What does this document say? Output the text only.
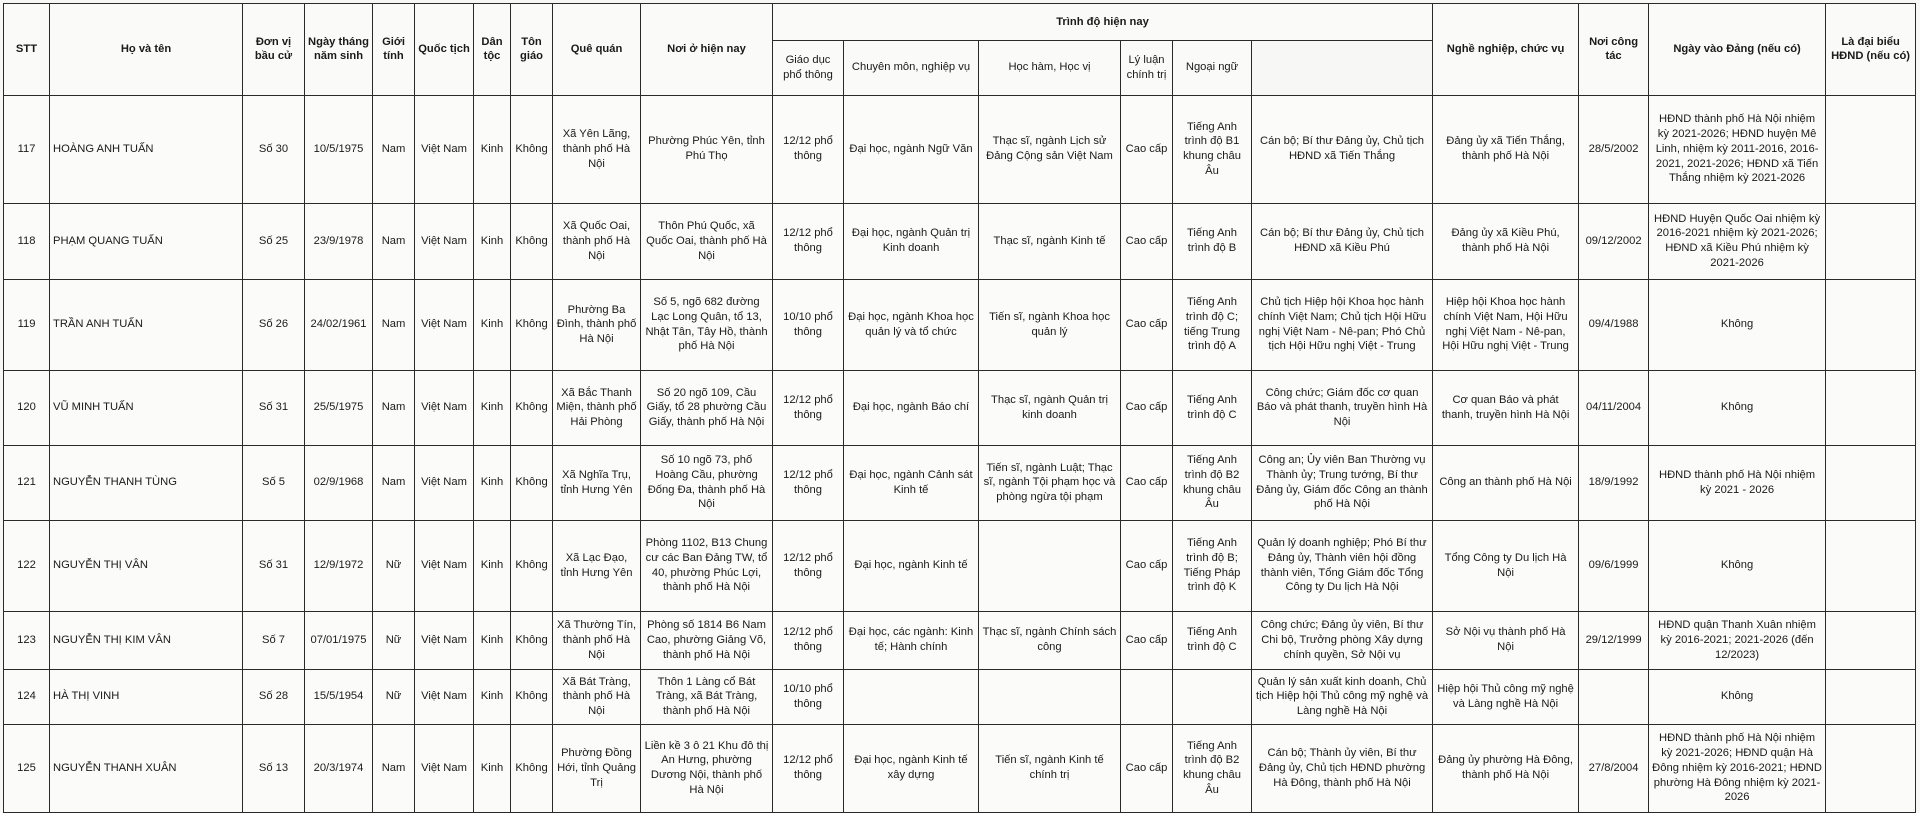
STT	Họ và tên	Đơn vị bầu cử	Ngày tháng năm sinh	Giới tính	Quốc tịch	Dân tộc	Tôn giáo	Quê quán	Nơi ở hiện nay	Trình độ hiện nay						Nghề nghiệp, chức vụ	Nơi công tác	Ngày vào Đảng (nếu có)	Là đại biểu HĐND (nếu có)	
										Giáo dục phổ thông	Chuyên môn, nghiệp vụ	Học hàm, Học vị	Lý luận chính trị	Ngoại ngữ						
117	HOÀNG ANH TUẤN	Số 30	10/5/1975	Nam	Việt Nam	Kinh	Không	Xã Yên Lãng, thành phố Hà Nội	Phường Phúc Yên, tỉnh Phú Thọ	12/12 phổ thông	Đại học, ngành Ngữ Văn	Thạc sĩ, ngành Lịch sử Đảng Cộng sản Việt Nam	Cao cấp	Tiếng Anh trình độ B1 khung châu Âu	Cán bộ; Bí thư Đảng ủy, Chủ tịch HĐND xã Tiến Thắng	Đảng ủy xã Tiến Thắng, thành phố Hà Nội	28/5/2002	HĐND thành phố Hà Nội nhiệm kỳ 2021-2026; HĐND huyện Mê Linh, nhiệm kỳ 2011-2016, 2016-2021, 2021-2026; HĐND xã Tiến Thắng nhiệm kỳ 2021-2026		
118	PHẠM QUANG TUẤN	Số 25	23/9/1978	Nam	Việt Nam	Kinh	Không	Xã Quốc Oai, thành phố Hà Nội	Thôn Phú Quốc, xã Quốc Oai, thành phố Hà Nội	12/12 phổ thông	Đại học, ngành Quản trị Kinh doanh	Thạc sĩ, ngành Kinh tế	Cao cấp	Tiếng Anh trình độ B	Cán bộ; Bí thư Đảng ủy, Chủ tịch HĐND xã Kiều Phú	Đảng ủy xã Kiều Phú, thành phố Hà Nội	09/12/2002	HĐND Huyện Quốc Oai nhiệm kỳ 2016-2021 nhiệm kỳ 2021-2026; HĐND xã Kiều Phú nhiệm kỳ 2021-2026		
119	TRẦN ANH TUẤN	Số 26	24/02/1961	Nam	Việt Nam	Kinh	Không	Phường Ba Đình, thành phố Hà Nội	Số 5, ngõ 682 đường Lạc Long Quân, tổ 13, Nhật Tân, Tây Hồ, thành phố Hà Nội	10/10 phổ thông	Đại học, ngành Khoa học quản lý và tổ chức	Tiến sĩ, ngành Khoa học quản lý	Cao cấp	Tiếng Anh trình độ C; tiếng Trung trình độ A	Chủ tịch Hiệp hội Khoa học hành chính Việt Nam; Chủ tịch Hội Hữu nghị Việt Nam - Nê-pan; Phó Chủ tịch Hội Hữu nghị Việt - Trung	Hiệp hội Khoa học hành chính Việt Nam, Hội Hữu nghị Việt Nam - Nê-pan, Hội Hữu nghị Việt - Trung	09/4/1988	Không		
120	VŨ MINH TUẤN	Số 31	25/5/1975	Nam	Việt Nam	Kinh	Không	Xã Bắc Thanh Miện, thành phố Hải Phòng	Số 20 ngõ 109, Cầu Giấy, tổ 28 phường Cầu Giấy, thành phố Hà Nội	12/12 phổ thông	Đại học, ngành Báo chí	Thạc sĩ, ngành Quản trị kinh doanh	Cao cấp	Tiếng Anh trình độ C	Công chức; Giám đốc cơ quan Báo và phát thanh, truyền hình Hà Nội	Cơ quan Báo và phát thanh, truyền hình Hà Nội	04/11/2004	Không		
121	NGUYỄN THANH TÙNG	Số 5	02/9/1968	Nam	Việt Nam	Kinh	Không	Xã Nghĩa Trụ, tỉnh Hưng Yên	Số 10 ngõ 73, phố Hoàng Cầu, phường Đống Đa, thành phố Hà Nội	12/12 phổ thông	Đại học, ngành Cảnh sát Kinh tế	Tiến sĩ, ngành Luật; Thạc sĩ, ngành Tội phạm học và phòng ngừa tội phạm	Cao cấp	Tiếng Anh trình độ B2 khung châu Âu	Công an; Ủy viên Ban Thường vụ Thành ủy; Trung tướng, Bí thư Đảng ủy, Giám đốc Công an thành phố Hà Nội	Công an thành phố Hà Nội	18/9/1992	HĐND thành phố Hà Nội nhiệm kỳ 2021 - 2026		
122	NGUYỄN THỊ VÂN	Số 31	12/9/1972	Nữ	Việt Nam	Kinh	Không	Xã Lạc Đạo, tỉnh Hưng Yên	Phòng 1102, B13 Chung cư các Ban Đảng TW, tổ 40, phường Phúc Lợi, thành phố Hà Nội	12/12 phổ thông	Đại học, ngành Kinh tế		Cao cấp	Tiếng Anh trình độ B; Tiếng Pháp trình độ K	Quản lý doanh nghiệp; Phó Bí thư Đảng ủy, Thành viên hội đồng thành viên, Tổng Giám đốc Tổng Công ty Du lịch Hà Nội	Tổng Công ty Du lịch Hà Nội	09/6/1999	Không		
123	NGUYỄN THỊ KIM VÂN	Số 7	07/01/1975	Nữ	Việt Nam	Kinh	Không	Xã Thường Tín, thành phố Hà Nội	Phòng số 1814 B6 Nam Cao, phường Giảng Võ, thành phố Hà Nội	12/12 phổ thông	Đại học, các ngành: Kinh tế; Hành chính	Thạc sĩ, ngành Chính sách công	Cao cấp	Tiếng Anh trình độ C	Công chức; Đảng ủy viên, Bí thư Chi bộ, Trưởng phòng Xây dựng chính quyền, Sở Nội vụ	Sở Nội vụ thành phố Hà Nội	29/12/1999	HĐND quận Thanh Xuân nhiệm kỳ 2016-2021; 2021-2026 (đến 12/2023)		
124	HÀ THỊ VINH	Số 28	15/5/1954	Nữ	Việt Nam	Kinh	Không	Xã Bát Tràng, thành phố Hà Nội	Thôn 1 Làng cổ Bát Tràng, xã Bát Tràng, thành phố Hà Nội	10/10 phổ thông					Quản lý sản xuất kinh doanh, Chủ tịch Hiệp hội Thủ công mỹ nghệ và Làng nghề Hà Nội	Hiệp hội Thủ công mỹ nghệ và Làng nghề Hà Nội		Không		
125	NGUYỄN THANH XUÂN	Số 13	20/3/1974	Nam	Việt Nam	Kinh	Không	Phường Đồng Hới, tỉnh Quảng Trị	Liền kề 3 ô 21 Khu đô thị An Hưng, phường Dương Nội, thành phố Hà Nội	12/12 phổ thông	Đại học, ngành Kinh tế xây dựng	Tiến sĩ, ngành Kinh tế chính trị	Cao cấp	Tiếng Anh trình độ B2 khung châu Âu	Cán bộ; Thành ủy viên, Bí thư Đảng ủy, Chủ tịch HĐND phường Hà Đông, thành phố Hà Nội	Đảng ủy phường Hà Đông, thành phố Hà Nội	27/8/2004	HĐND thành phố Hà Nội nhiệm kỳ 2021-2026; HĐND quận Hà Đông nhiệm kỳ 2016-2021; HĐND phường Hà Đông nhiệm kỳ 2021-2026		
